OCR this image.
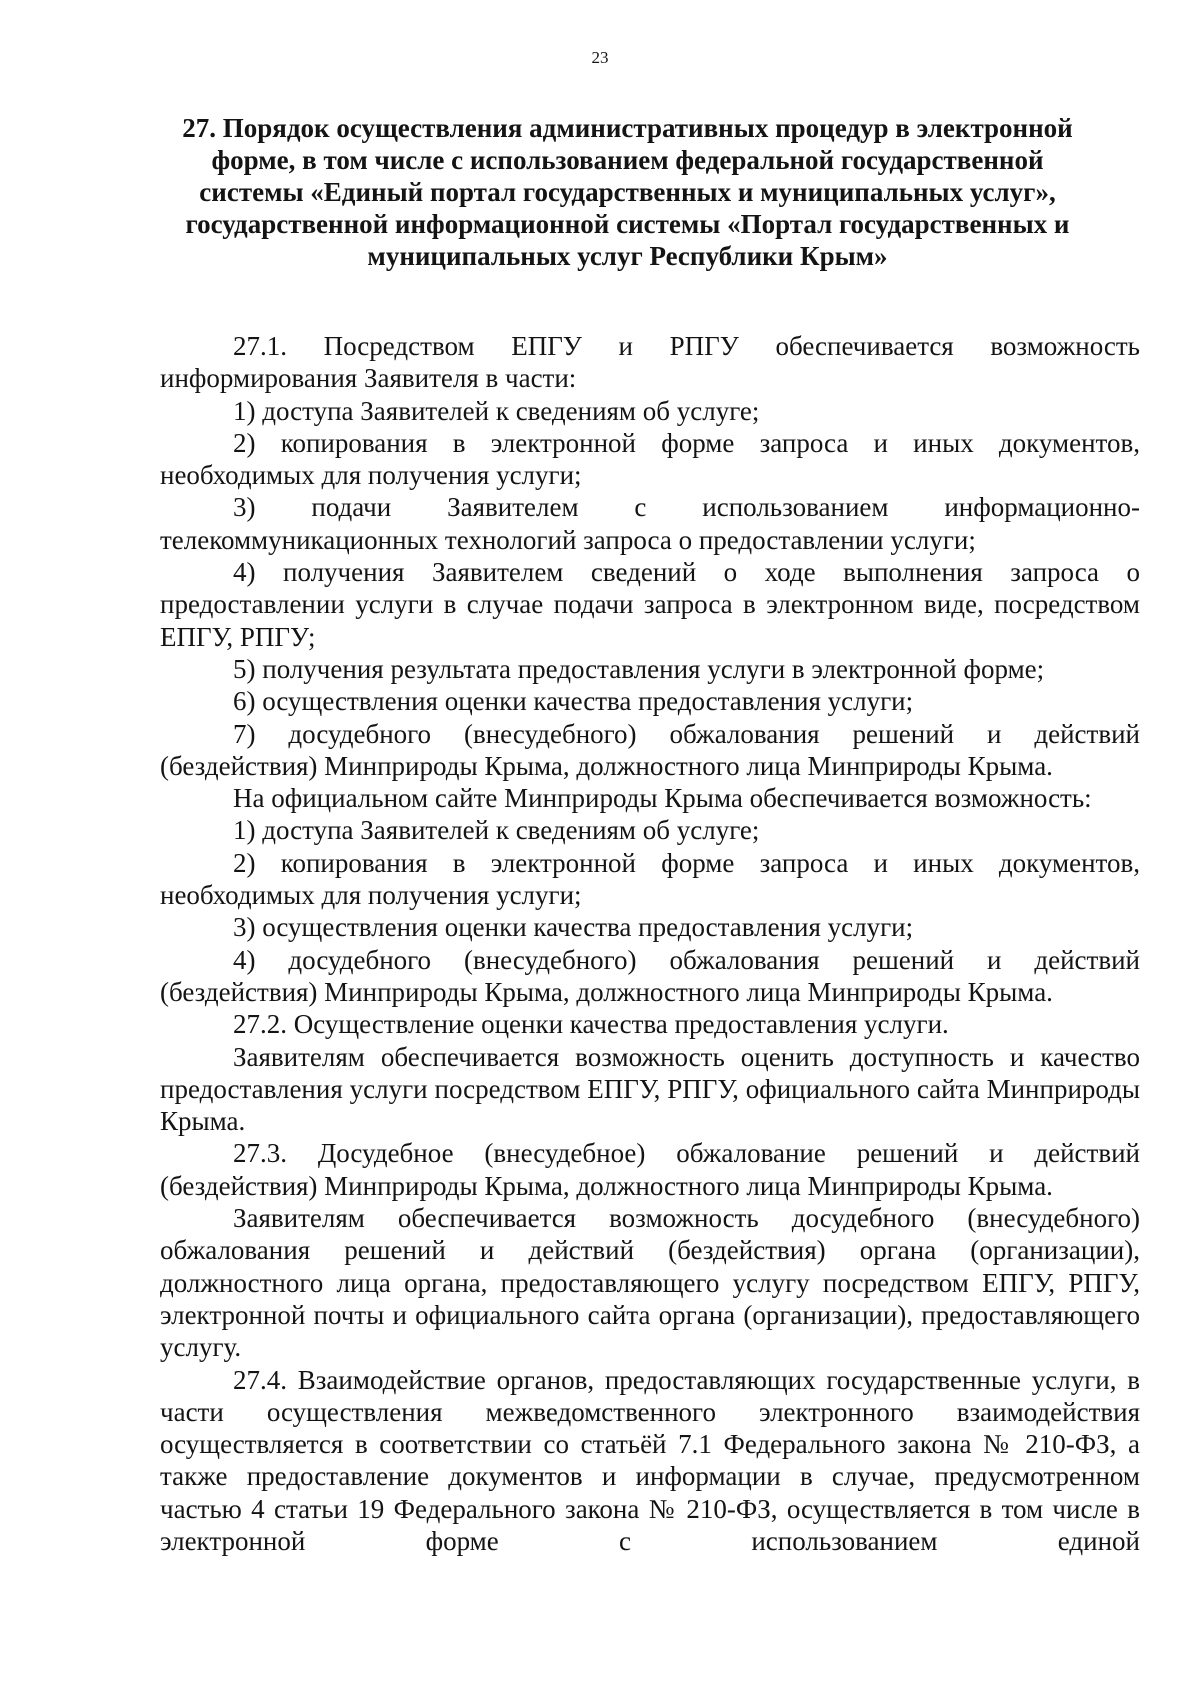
23
27. Порядок осуществления административных процедур в электронной форме, в том числе с использованием федеральной государственной системы «Единый портал государственных и муниципальных услуг», государственной информационной системы «Портал государственных и муниципальных услуг Республики Крым»

27.1. Посредством ЕПГУ и РПГУ обеспечивается возможность информирования Заявителя в части:

1) доступа Заявителей к сведениям об услуге;

2) копирования в электронной форме запроса и иных документов, необходимых для получения услуги;

3) подачи Заявителем с использованием информационно-телекоммуникационных технологий запроса о предоставлении услуги;

4) получения Заявителем сведений о ходе выполнения запроса о предоставлении услуги в случае подачи запроса в электронном виде, посредством ЕПГУ, РПГУ;

5) получения результата предоставления услуги в электронной форме;

6) осуществления оценки качества предоставления услуги;

7) досудебного (внесудебного) обжалования решений и действий (бездействия) Минприроды Крыма, должностного лица Минприроды Крыма.

На официальном сайте Минприроды Крыма обеспечивается возможность:

1) доступа Заявителей к сведениям об услуге;

2) копирования в электронной форме запроса и иных документов, необходимых для получения услуги;

3) осуществления оценки качества предоставления услуги;

4) досудебного (внесудебного) обжалования решений и действий (бездействия) Минприроды Крыма, должностного лица Минприроды Крыма.

27.2. Осуществление оценки качества предоставления услуги.

Заявителям обеспечивается возможность оценить доступность и качество предоставления услуги посредством ЕПГУ, РПГУ, официального сайта Минприроды Крыма.

27.3. Досудебное (внесудебное) обжалование решений и действий (бездействия) Минприроды Крыма, должностного лица Минприроды Крыма.

Заявителям обеспечивается возможность досудебного (внесудебного) обжалования решений и действий (бездействия) органа (организации), должностного лица органа, предоставляющего услугу посредством ЕПГУ, РПГУ, электронной почты и официального сайта органа (организации), предоставляющего услугу.

27.4. Взаимодействие органов, предоставляющих государственные услуги, в части осуществления межведомственного электронного взаимодействия осуществляется в соответствии со статьёй 7.1 Федерального закона № 210-ФЗ, а также предоставление документов и информации в случае, предусмотренном частью 4 статьи 19 Федерального закона № 210-ФЗ, осуществляется в том числе в электронной форме с использованием единой
